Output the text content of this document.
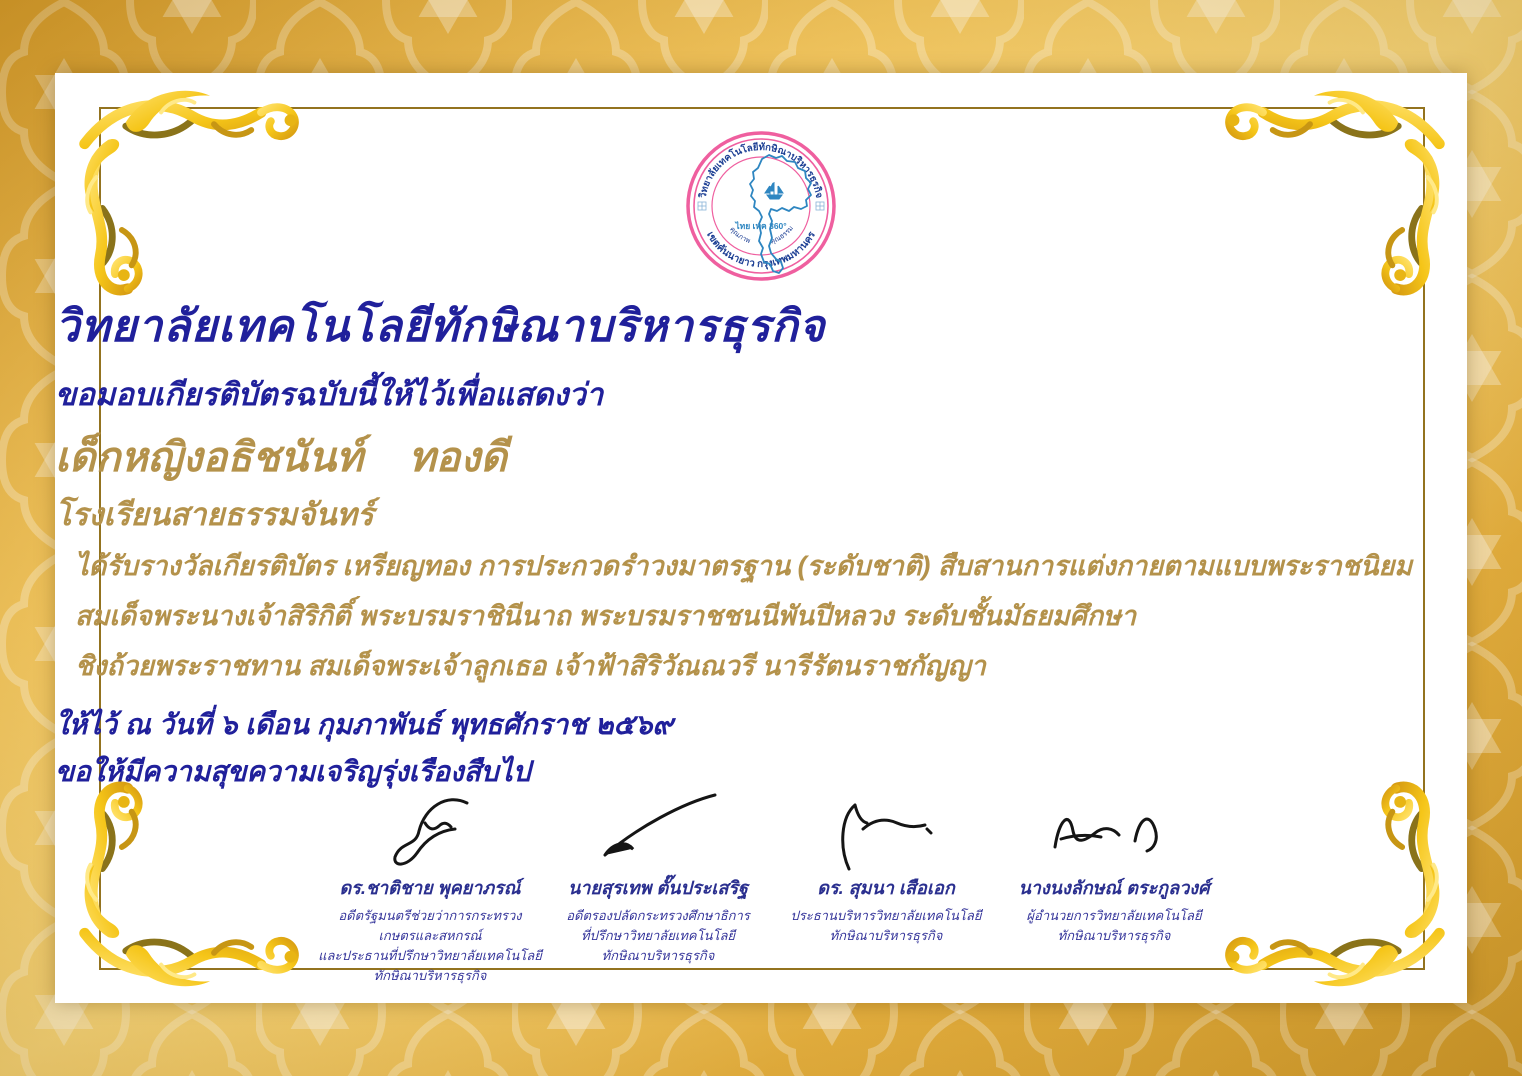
วิทยาลัยเทคโนโลยีทักษิณาบริหารธุรกิจ
เขตคันนายาว กรุงเทพมหานคร
คุณภาพ	คุณธรรม
ไทย เทค 360°
วิทยาลัยเทคโนโลยีทักษิณาบริหารธุรกิจ
ขอมอบเกียรติบัตรฉบับนี้ให้ไว้เพื่อแสดงว่า
เด็กหญิงอธิชนันท์    ทองดี
โรงเรียนสายธรรมจันทร์
ได้รับรางวัลเกียรติบัตร เหรียญทอง การประกวดรำวงมาตรฐาน (ระดับชาติ) สืบสานการแต่งกายตามแบบพระราชนิยม
สมเด็จพระนางเจ้าสิริกิติ์ พระบรมราชินีนาถ พระบรมราชชนนีพันปีหลวง ระดับชั้นมัธยมศึกษา
ชิงถ้วยพระราชทาน สมเด็จพระเจ้าลูกเธอ เจ้าฟ้าสิริวัณณวรี นารีรัตนราชกัญญา
ให้ไว้ ณ วันที่ ๖ เดือน กุมภาพันธ์ พุทธศักราช ๒๕๖๙
ขอให้มีความสุขความเจริญรุ่งเรืองสืบไป
ดร.ชาติชาย พุคยาภรณ์
อดีตรัฐมนตรีช่วยว่าการกระทรวง
เกษตรและสหกรณ์
และประธานที่ปรึกษาวิทยาลัยเทคโนโลยี
ทักษิณาบริหารธุรกิจ
นายสุรเทพ ตั๊นประเสริฐ
อดีตรองปลัดกระทรวงศึกษาธิการ
ที่ปรึกษาวิทยาลัยเทคโนโลยี
ทักษิณาบริหารธุรกิจ
ดร. สุมนา เสือเอก
ประธานบริหารวิทยาลัยเทคโนโลยี
ทักษิณาบริหารธุรกิจ
นางนงลักษณ์ ตระกูลวงศ์
ผู้อำนวยการวิทยาลัยเทคโนโลยี
ทักษิณาบริหารธุรกิจ
